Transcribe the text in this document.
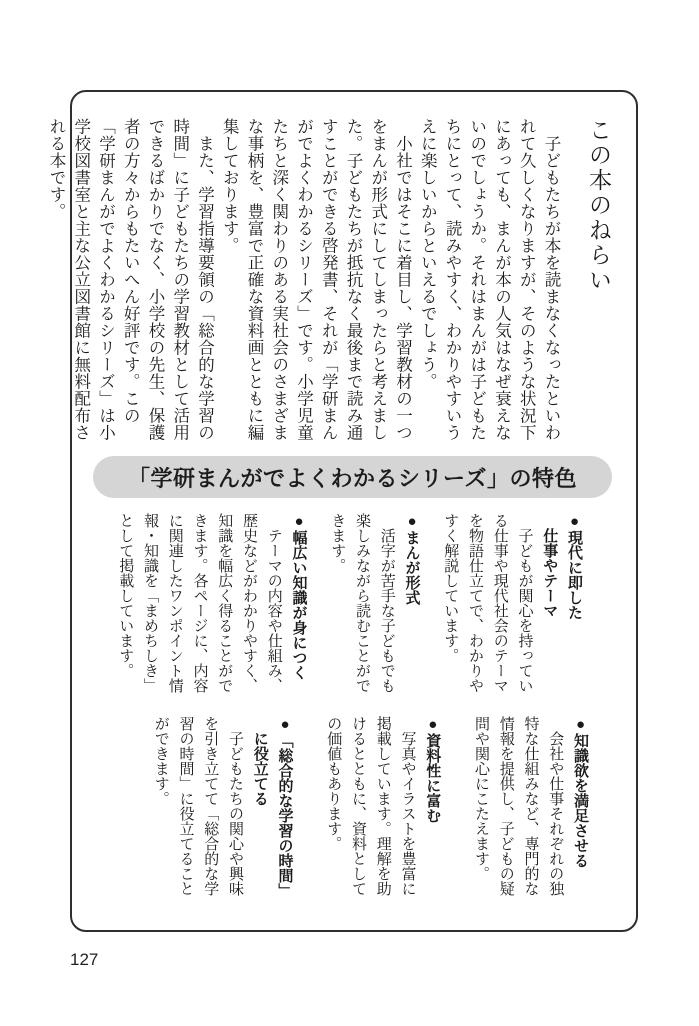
この本のねらい

子どもたちが本を読まなくなったといわれて久しくなりますが、そのような状況下にあっても、まんが本の人気はなぜ衰えないのでしょうか。それはまんがは子どもたちにとって、読みやすく、わかりやすいうえに楽しいからといえるでしょう。

小社ではそこに着目し、学習教材の一つをまんが形式にしてしまったらと考えました。子どもたちが抵抗なく最後まで読み通すことができる啓発書、それが「学研まんがでよくわかるシリーズ」です。小学児童たちと深く関わりのある実社会のさまざまな事柄を、豊富で正確な資料画とともに編集しております。

また、学習指導要領の「総合的な学習の時間」に子どもたちの学習教材として活用できるばかりでなく、小学校の先生、保護者の方々からもたいへん好評です。この「学研まんがでよくわかるシリーズ」は小学校図書室と主な公立図書館に無料配布される本です。

「学研まんがでよくわかるシリーズ」の特色

●現代に即した

仕事やテーマ

子どもが関心を持っている仕事や現代社会のテーマを物語仕立てで、わかりやすく解説しています。

●まんが形式

活字が苦手な子どもでも楽しみながら読むことができます。

●幅広い知識が身につく

テーマの内容や仕組み、歴史などがわかりやすく、知識を幅広く得ることができます。各ページに、内容に関連したワンポイント情報・知識を「まめちしき」として掲載しています。

●知識欲を満足させる

会社や仕事それぞれの独特な仕組みなど、専門的な情報を提供し、子どもの疑問や関心にこたえます。

●資料性に富む

写真やイラストを豊富に掲載しています。理解を助けるとともに、資料としての価値もあります。

●「総合的な学習の時間」

に役立てる

子どもたちの関心や興味を引き立てて「総合的な学習の時間」に役立てることができます。

127
